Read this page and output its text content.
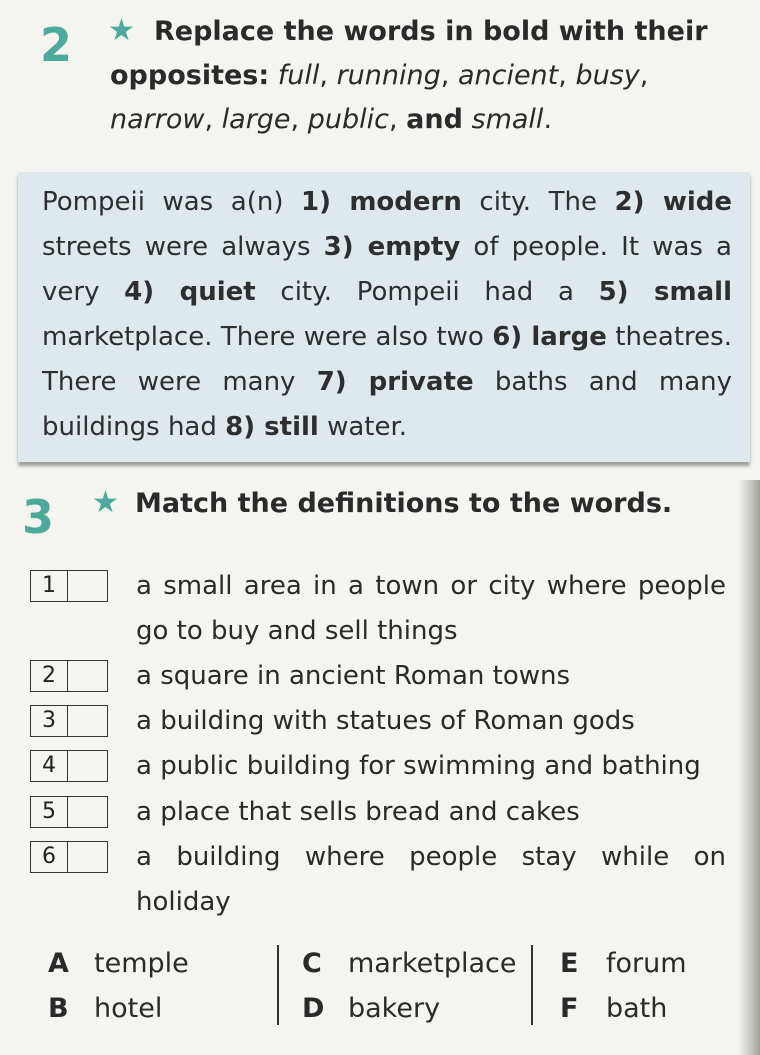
2 ★ Replace the words in bold with their opposites: full, running, ancient, busy, narrow, large, public, and small.
Pompeii was a(n) 1) modern city. The 2) wide streets were always 3) empty of people. It was a very 4) quiet city. Pompeii had a 5) small marketplace. There were also two 6) large theatres. There were many 7) private baths and many buildings had 8) still water.
3 ★ Match the definitions to the words.
1	a small area in a town or city where people go to buy and sell things
2	a square in ancient Roman towns
3	a building with statues of Roman gods
4	a public building for swimming and bathing
5	a place that sells bread and cakes
6	a building where people stay while on holiday
A temple
B hotel
C marketplace
D bakery
E forum
F bath
